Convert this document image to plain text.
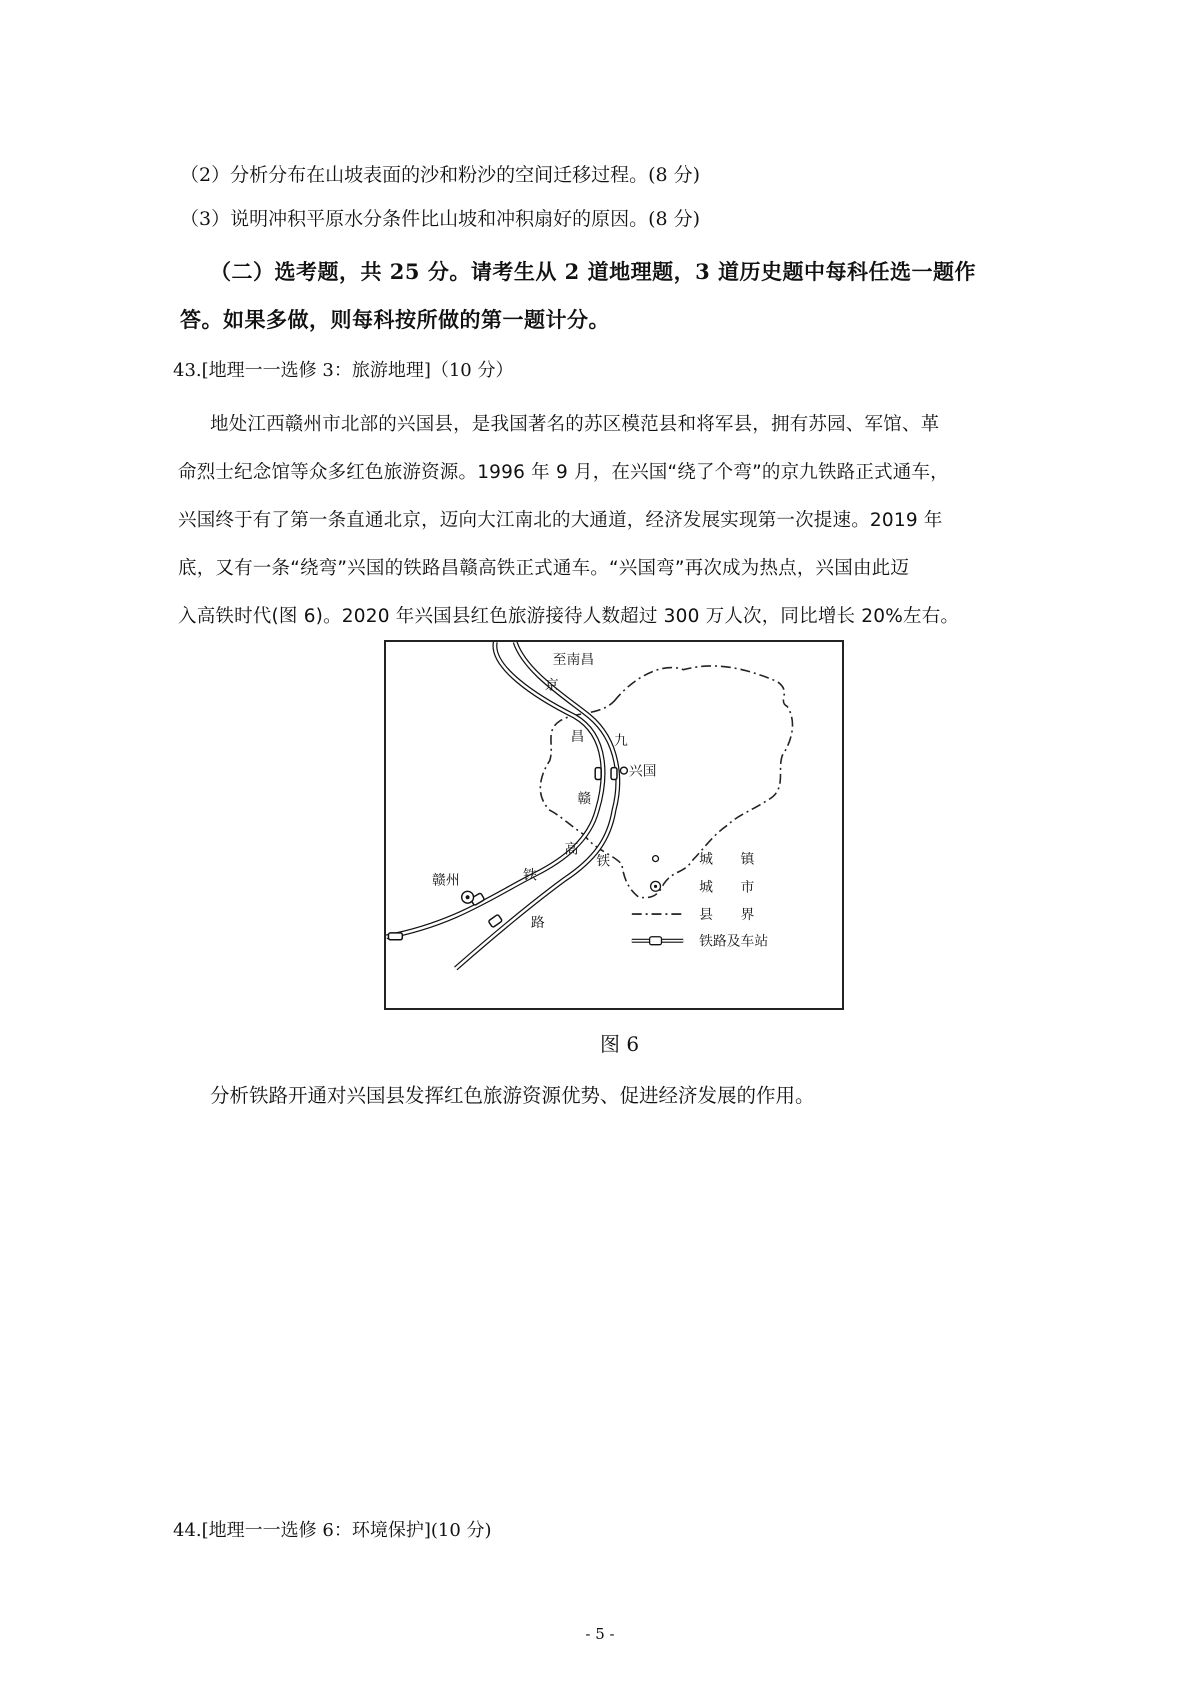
（2）分析分布在山坡表面的沙和粉沙的空间迁移过程。(8 分)
（3）说明冲积平原水分条件比山坡和冲积扇好的原因。(8 分)
（二）选考题，共 25 分。请考生从 2 道地理题，3 道历史题中每科任选一题作
答。如果多做，则每科按所做的第一题计分。
43.[地理一一选修 3：旅游地理]（10 分）
地处江西赣州市北部的兴国县，是我国著名的苏区模范县和将军县，拥有苏园、军馆、革
命烈士纪念馆等众多红色旅游资源。1996 年 9 月，在兴国“绕了个弯”的京九铁路正式通车，
兴国终于有了第一条直通北京，迈向大江南北的大通道，经济发展实现第一次提速。2019 年
底，又有一条“绕弯”兴国的铁路昌赣高铁正式通车。“兴国弯”再次成为热点，兴国由此迈
入高铁时代(图 6)。2020 年兴国县红色旅游接待人数超过 300 万人次，同比增长 20%左右。
至南昌
兴国
赣州
京
九
铁
路
昌
赣
高
铁
城　　镇
城　　市
县　　界
铁路及车站
图 6
分析铁路开通对兴国县发挥红色旅游资源优势、促进经济发展的作用。
44.[地理一一选修 6：环境保护](10 分)
- 5 -
